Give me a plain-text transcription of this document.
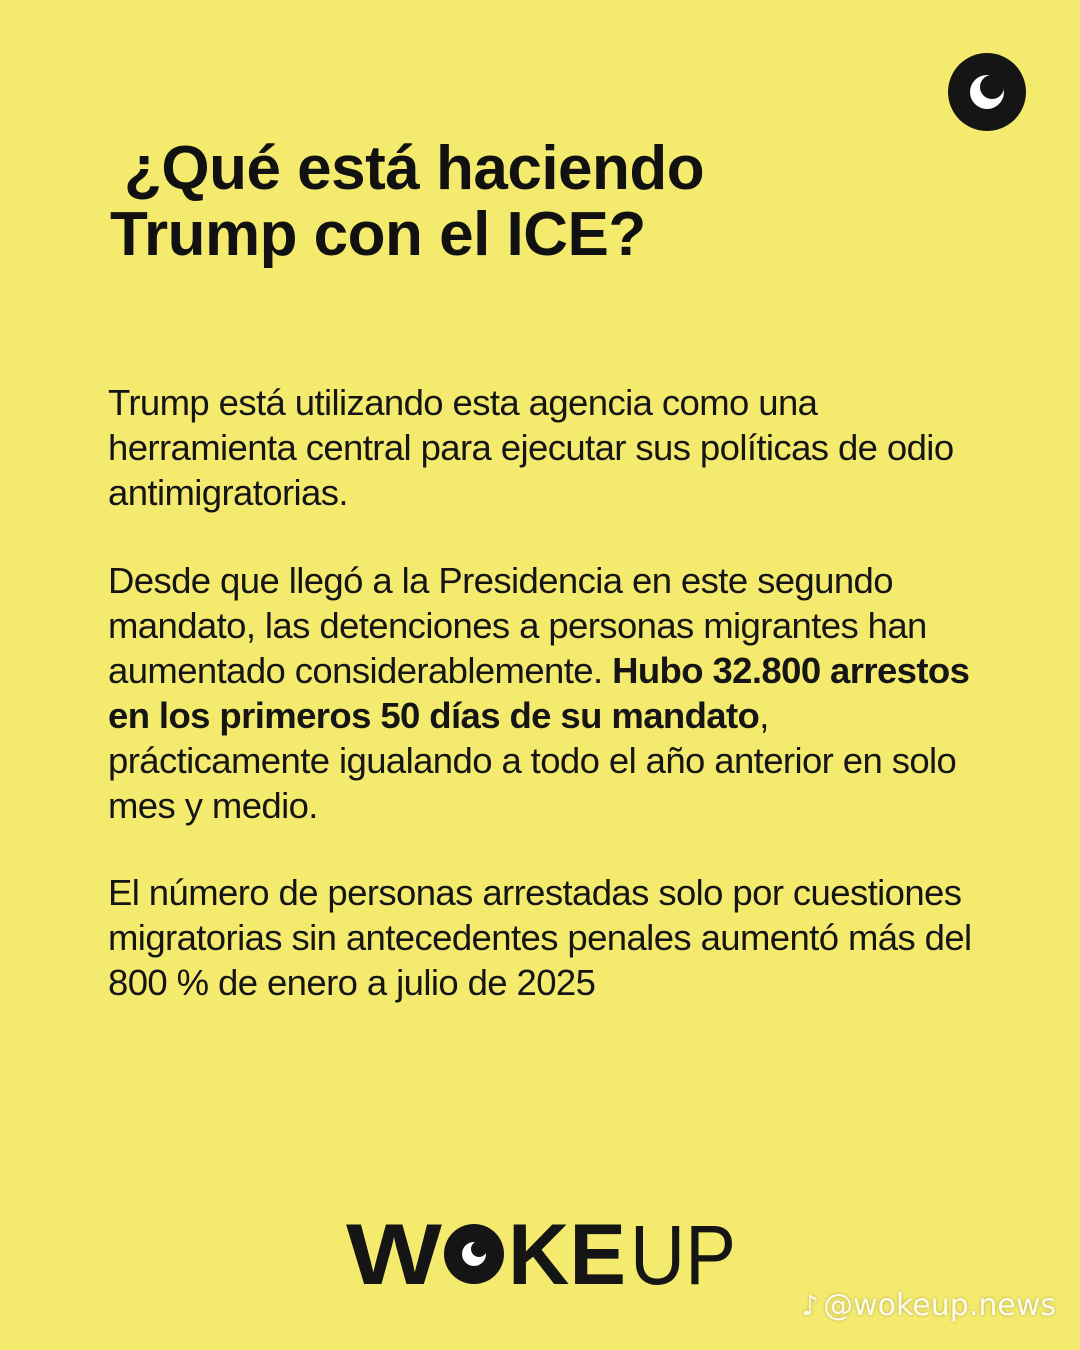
¿Qué está haciendo
Trump con el ICE?

Trump está utilizando esta agencia como una herramienta central para ejecutar sus políticas de odio antimigratorias.

Desde que llegó a la Presidencia en este segundo mandato, las detenciones a personas migrantes han aumentado considerablemente. Hubo 32.800 arrestos en los primeros 50 días de su mandato, prácticamente igualando a todo el año anterior en solo mes y medio.

El número de personas arrestadas solo por cuestiones migratorias sin antecedentes penales aumentó más del 800 % de enero a julio de 2025

W KE UP
♪ @wokeup.news
